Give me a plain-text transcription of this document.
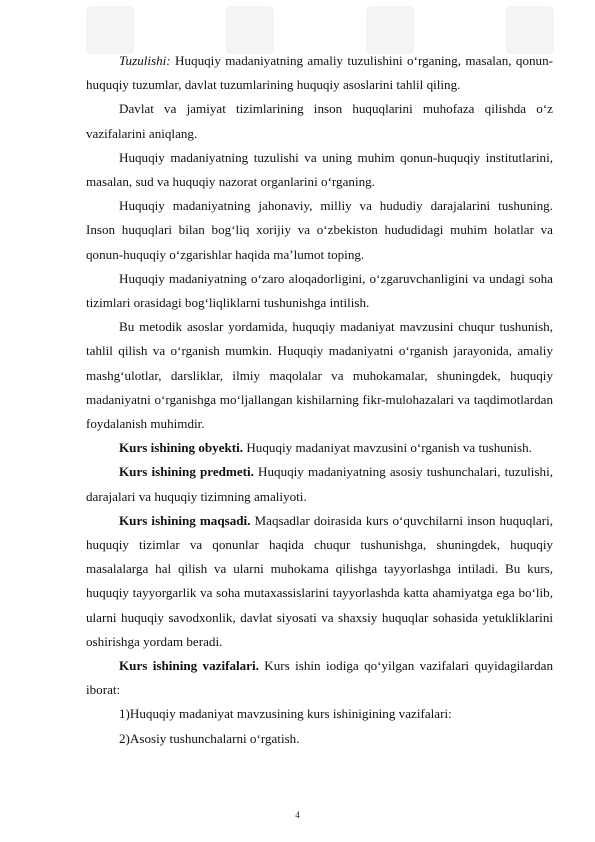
Tuzulishi: Huquqiy madaniyatning amaliy tuzulishini o‘rganing, masalan, qonun-huquqiy tuzumlar, davlat tuzumlarining huquqiy asoslarini tahlil qiling.

Davlat va jamiyat tizimlarining inson huquqlarini muhofaza qilishda o‘z vazifalarini aniqlang.

Huquqiy madaniyatning tuzulishi va uning muhim qonun-huquqiy institutlarini, masalan, sud va huquqiy nazorat organlarini o‘rganing.

Huquqiy madaniyatning jahonaviy, milliy va hududiy darajalarini tushuning. Inson huquqlari bilan bog‘liq xorijiy va o‘zbekiston hududidagi muhim holatlar va qonun-huquqiy o‘zgarishlar haqida ma’lumot toping.

Huquqiy madaniyatning o‘zaro aloqadorligini, o‘zgaruvchanligini va undagi soha tizimlari orasidagi bog‘liqliklarni tushunishga intilish.

Bu metodik asoslar yordamida, huquqiy madaniyat mavzusini chuqur tushunish, tahlil qilish va o‘rganish mumkin. Huquqiy madaniyatni o‘rganish jarayonida, amaliy mashg‘ulotlar, darsliklar, ilmiy maqolalar va muhokamalar, shuningdek, huquqiy madaniyatni o‘rganishga mo‘ljallangan kishilarning fikr-mulohazalari va taqdimotlardan foydalanish muhimdir.

Kurs ishining obyekti. Huquqiy madaniyat mavzusini o‘rganish va tushunish.

Kurs ishining predmeti. Huquqiy madaniyatning asosiy tushunchalari, tuzulishi, darajalari va huquqiy tizimning amaliyoti.

Kurs ishining maqsadi. Maqsadlar doirasida kurs o‘quvchilarni inson huquqlari, huquqiy tizimlar va qonunlar haqida chuqur tushunishga, shuningdek, huquqiy masalalarga hal qilish va ularni muhokama qilishga tayyorlashga intiladi. Bu kurs, huquqiy tayyorgarlik va soha mutaxassislarini tayyorlashda katta ahamiyatga ega bo‘lib, ularni huquqiy savodxonlik, davlat siyosati va shaxsiy huquqlar sohasida yetukliklarini oshirishga yordam beradi.

Kurs ishining vazifalari. Kurs ishin iodiga qo‘yilgan vazifalari quyidagilardan iborat:

1)Huquqiy madaniyat mavzusining kurs ishinigining vazifalari:

2)Asosiy tushunchalarni o‘rgatish.

4
